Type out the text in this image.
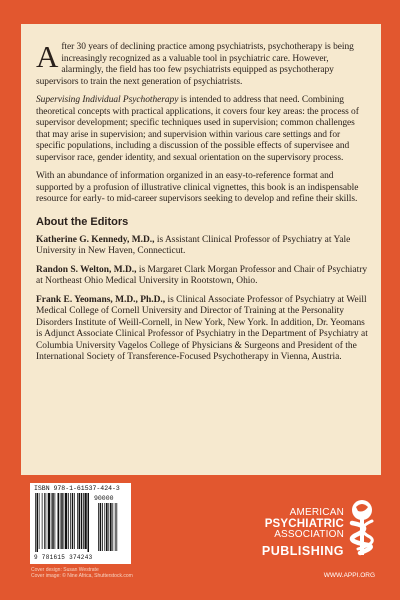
After 30 years of declining practice among psychiatrists, psychotherapy is being increasingly recognized as a valuable tool in psychiatric care. However, alarmingly, the field has too few psychiatrists equipped as psychotherapy supervisors to train the next generation of psychiatrists.

Supervising Individual Psychotherapy is intended to address that need. Combining theoretical concepts with practical applications, it covers four key areas: the process of supervisor development; specific techniques used in supervision; common challenges that may arise in supervision; and supervision within various care settings and for specific populations, including a discussion of the possible effects of supervisee and supervisor race, gender identity, and sexual orientation on the supervisory process.

With an abundance of information organized in an easy-to-reference format and supported by a profusion of illustrative clinical vignettes, this book is an indispensable resource for early- to mid-career supervisors seeking to develop and refine their skills.

About the Editors

Katherine G. Kennedy, M.D., is Assistant Clinical Professor of Psychiatry at Yale University in New Haven, Connecticut.

Randon S. Welton, M.D., is Margaret Clark Morgan Professor and Chair of Psychiatry at Northeast Ohio Medical University in Rootstown, Ohio.

Frank E. Yeomans, M.D., Ph.D., is Clinical Associate Professor of Psychiatry at Weill Medical College of Cornell University and Director of Training at the Personality Disorders Institute of Weill-Cornell, in New York, New York. In addition, Dr. Yeomans is Adjunct Associate Clinical Professor of Psychiatry in the Department of Psychiatry at Columbia University Vagelos College of Physicians & Surgeons and President of the International Society of Transference-Focused Psychotherapy in Vienna, Austria.

ISBN 978-1-61537-424-3
90000
9 781615 374243
Cover design: Susan Westrate
Cover image: © Nine Africa, Shutterstock.com
AMERICAN
PSYCHIATRIC
ASSOCIATION
PUBLISHING
WWW.APPI.ORG
